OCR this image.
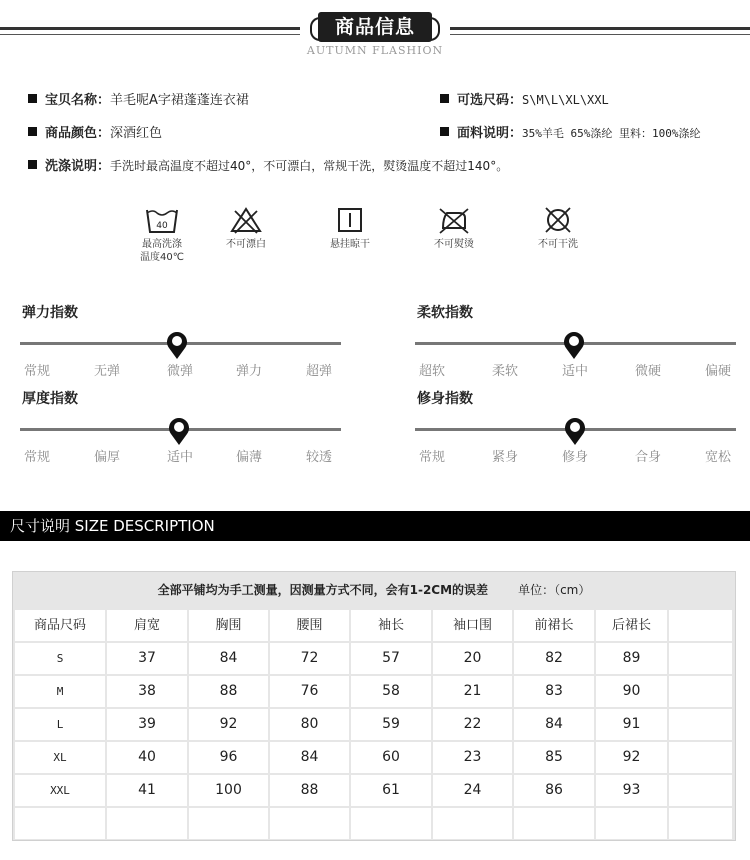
商品信息
AUTUMN FLASHION
宝贝名称：羊毛呢A字裙蓬蓬连衣裙	可选尺码：S\M\L\XL\XXL
商品颜色：深酒红色	面料说明：35%羊毛 65%涤纶 里料：100%涤纶
洗涤说明：手洗时最高温度不超过40°，不可漂白，常规干洗，熨烫温度不超过140°。
40
最高洗涤
温度40℃
不可漂白	悬挂晾干	不可熨烫	不可干洗
弹力指数
常规	无弹	微弹	弹力	超弹
柔软指数
超软	柔软	适中	微硬	偏硬
厚度指数
常规	偏厚	适中	偏薄	较透
修身指数
常规	紧身	修身	合身	宽松
尺寸说明 SIZE DESCRIPTION
全部平铺均为手工测量，因测量方式不同，会有1-2CM的误差	单位：（cm）
商品尺码	肩宽	胸围	腰围	袖长	袖口围	前裙长	后裙长
S	37	84	72	57	20	82	89
M	38	88	76	58	21	83	90
L	39	92	80	59	22	84	91
XL	40	96	84	60	23	85	92
XXL	41	100	88	61	24	86	93
